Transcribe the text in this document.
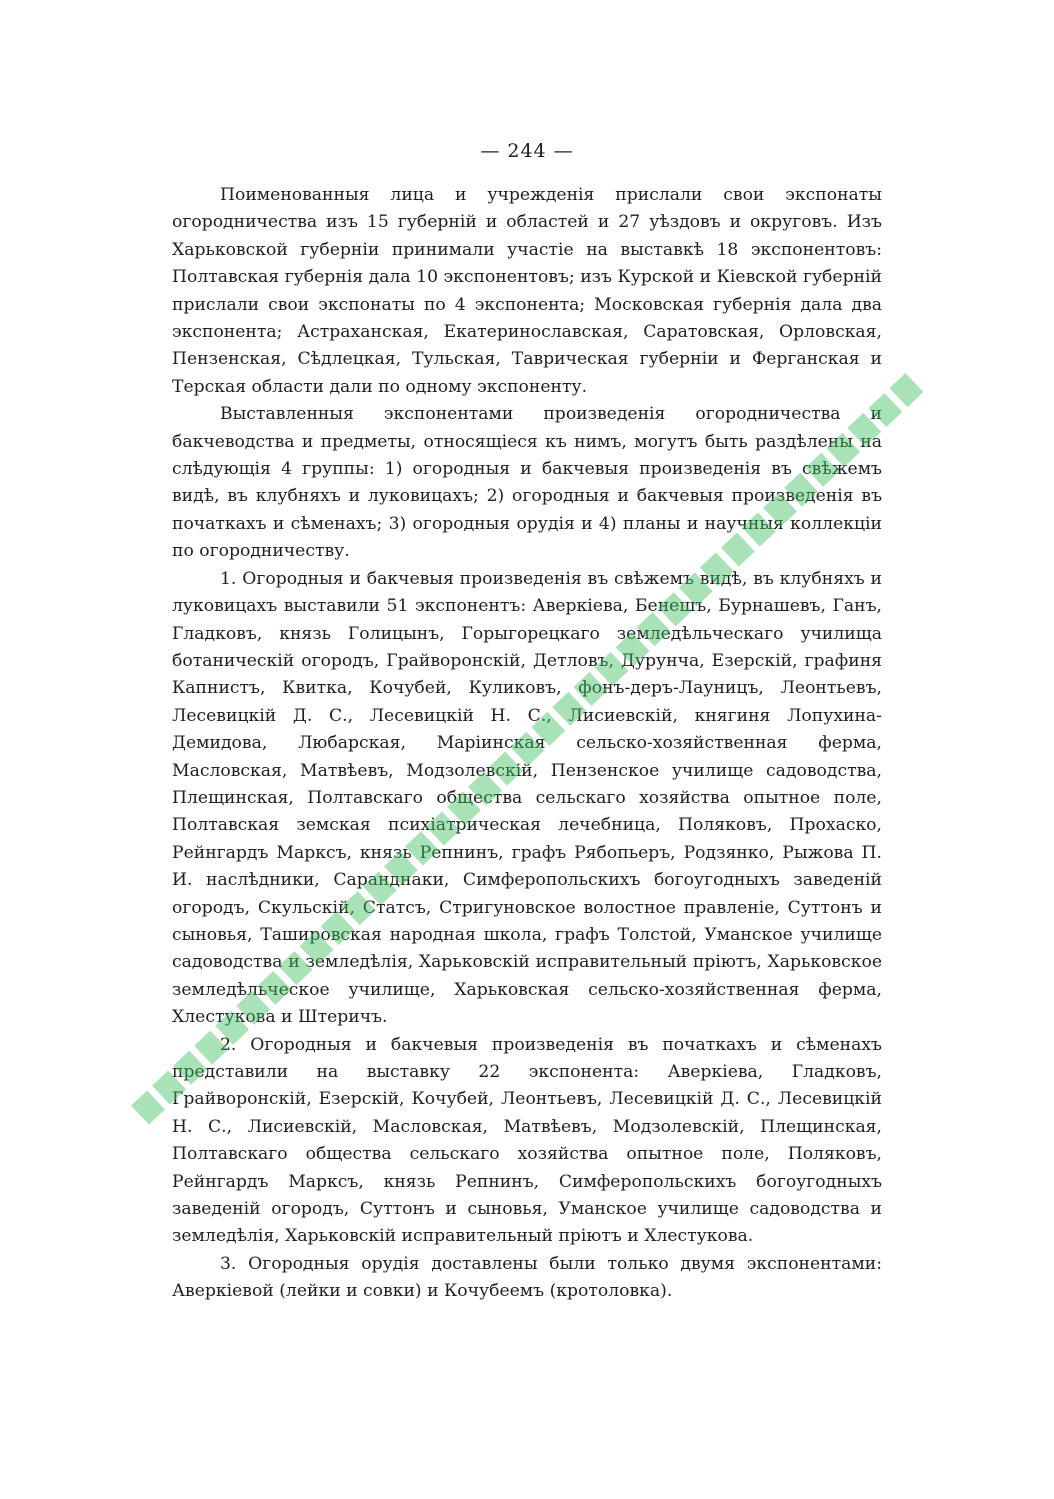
— 244 —

Поименованныя лица и учрежденія прислали свои экспонаты огородничества изъ 15 губерній и областей и 27 уѣздовъ и округовъ. Изъ Харьковской губерніи принимали участіе на выставкѣ 18 экспонентовъ: Полтавская губернія дала 10 экспонентовъ; изъ Курской и Кіевской губерній прислали свои экспонаты по 4 экспонента; Московская губернія дала два экспонента; Астраханская, Екатеринославская, Саратовская, Орловская, Пензенская, Сѣдлецкая, Тульская, Таврическая губерніи и Ферганская и Терская области дали по одному экспоненту.

Выставленныя экспонентами произведенія огородничества и бакчеводства и предметы, относящіеся къ нимъ, могутъ быть раздѣлены на слѣдующія 4 группы: 1) огородныя и бакчевыя произведенія въ свѣжемъ видѣ, въ клубняхъ и луковицахъ; 2) огородныя и бакчевыя произведенія въ початкахъ и сѣменахъ; 3) огородныя орудія и 4) планы и научныя коллекціи по огородничеству.

1. Огородныя и бакчевыя произведенія въ свѣжемъ видѣ, въ клубняхъ и луковицахъ выставили 51 экспонентъ: Аверкіева, Бенешъ, Бурнашевъ, Ганъ, Гладковъ, князь Голицынъ, Горыгорецкаго земледѣльческаго училища ботаническій огородъ, Грайворонскій, Детловъ, Дурунча, Езерскій, графиня Капнистъ, Квитка, Кочубей, Куликовъ, фонъ-деръ-Лауницъ, Леонтьевъ, Лесевицкій Д. С., Лесевицкій Н. С., Лисиевскій, княгиня Лопухина-Демидова, Любарская, Маріинская сельско-хозяйственная ферма, Масловская, Матвѣевъ, Модзолевскій, Пензенское училище садоводства, Плещинская, Полтавскаго общества сельскаго хозяйства опытное поле, Полтавская земская психіатрическая лечебница, Поляковъ, Прохаско, Рейнгардъ Марксъ, князь Репнинъ, графъ Рябопьеръ, Родзянко, Рыжова П. И. наслѣдники, Саранднаки, Симферопольскихъ богоугодныхъ заведеній огородъ, Скульскій, Статсъ, Стригуновское волостное правленіе, Суттонъ и сыновья, Ташировская народная школа, графъ Толстой, Уманское училище садоводства и земледѣлія, Харьковскій исправительный пріютъ, Харьковское земледѣльческое училище, Харьковская сельско-хозяйственная ферма, Хлестукова и Штеричъ.

2. Огородныя и бакчевыя произведенія въ початкахъ и сѣменахъ представили на выставку 22 экспонента: Аверкіева, Гладковъ, Грайворонскій, Езерскій, Кочубей, Леонтьевъ, Лесевицкій Д. С., Лесевицкій Н. С., Лисиевскій, Масловская, Матвѣевъ, Модзолевскій, Плещинская, Полтавскаго общества сельскаго хозяйства опытное поле, Поляковъ, Рейнгардъ Марксъ, князь Репнинъ, Симферопольскихъ богоугодныхъ заведеній огородъ, Суттонъ и сыновья, Уманское училище садоводства и земледѣлія, Харьковскій исправительный пріютъ и Хлестукова.

3. Огородныя орудія доставлены были только двумя экспонентами: Аверкіевой (лейки и совки) и Кочубеемъ (кротоловка).
